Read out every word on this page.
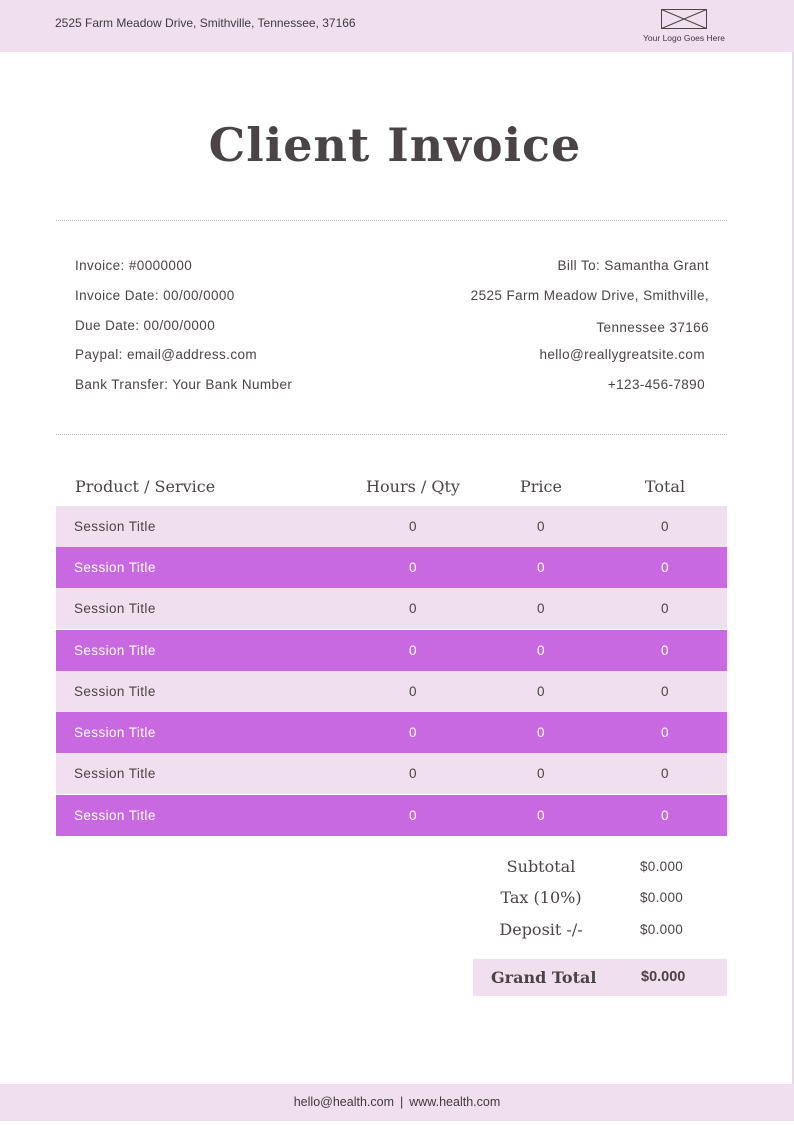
2525 Farm Meadow Drive, Smithville, Tennessee, 37166
Your Logo Goes Here
Client Invoice
Invoice: #0000000
Invoice Date: 00/00/0000
Due Date: 00/00/0000
Paypal: email@address.com
Bank Transfer: Your Bank Number
Bill To: Samantha Grant
2525 Farm Meadow Drive, Smithville,
Tennessee 37166
hello@reallygreatsite.com
+123-456-7890
Product / Service	Hours / Qty	Price	Total
Session Title	0	0	0
Session Title	0	0	0
Session Title	0	0	0
Session Title	0	0	0
Session Title	0	0	0
Session Title	0	0	0
Session Title	0	0	0
Session Title	0	0	0
Subtotal	$0.000
Tax (10%)	$0.000
Deposit -/-	$0.000
Grand Total	$0.000
hello@health.com | www.health.com
